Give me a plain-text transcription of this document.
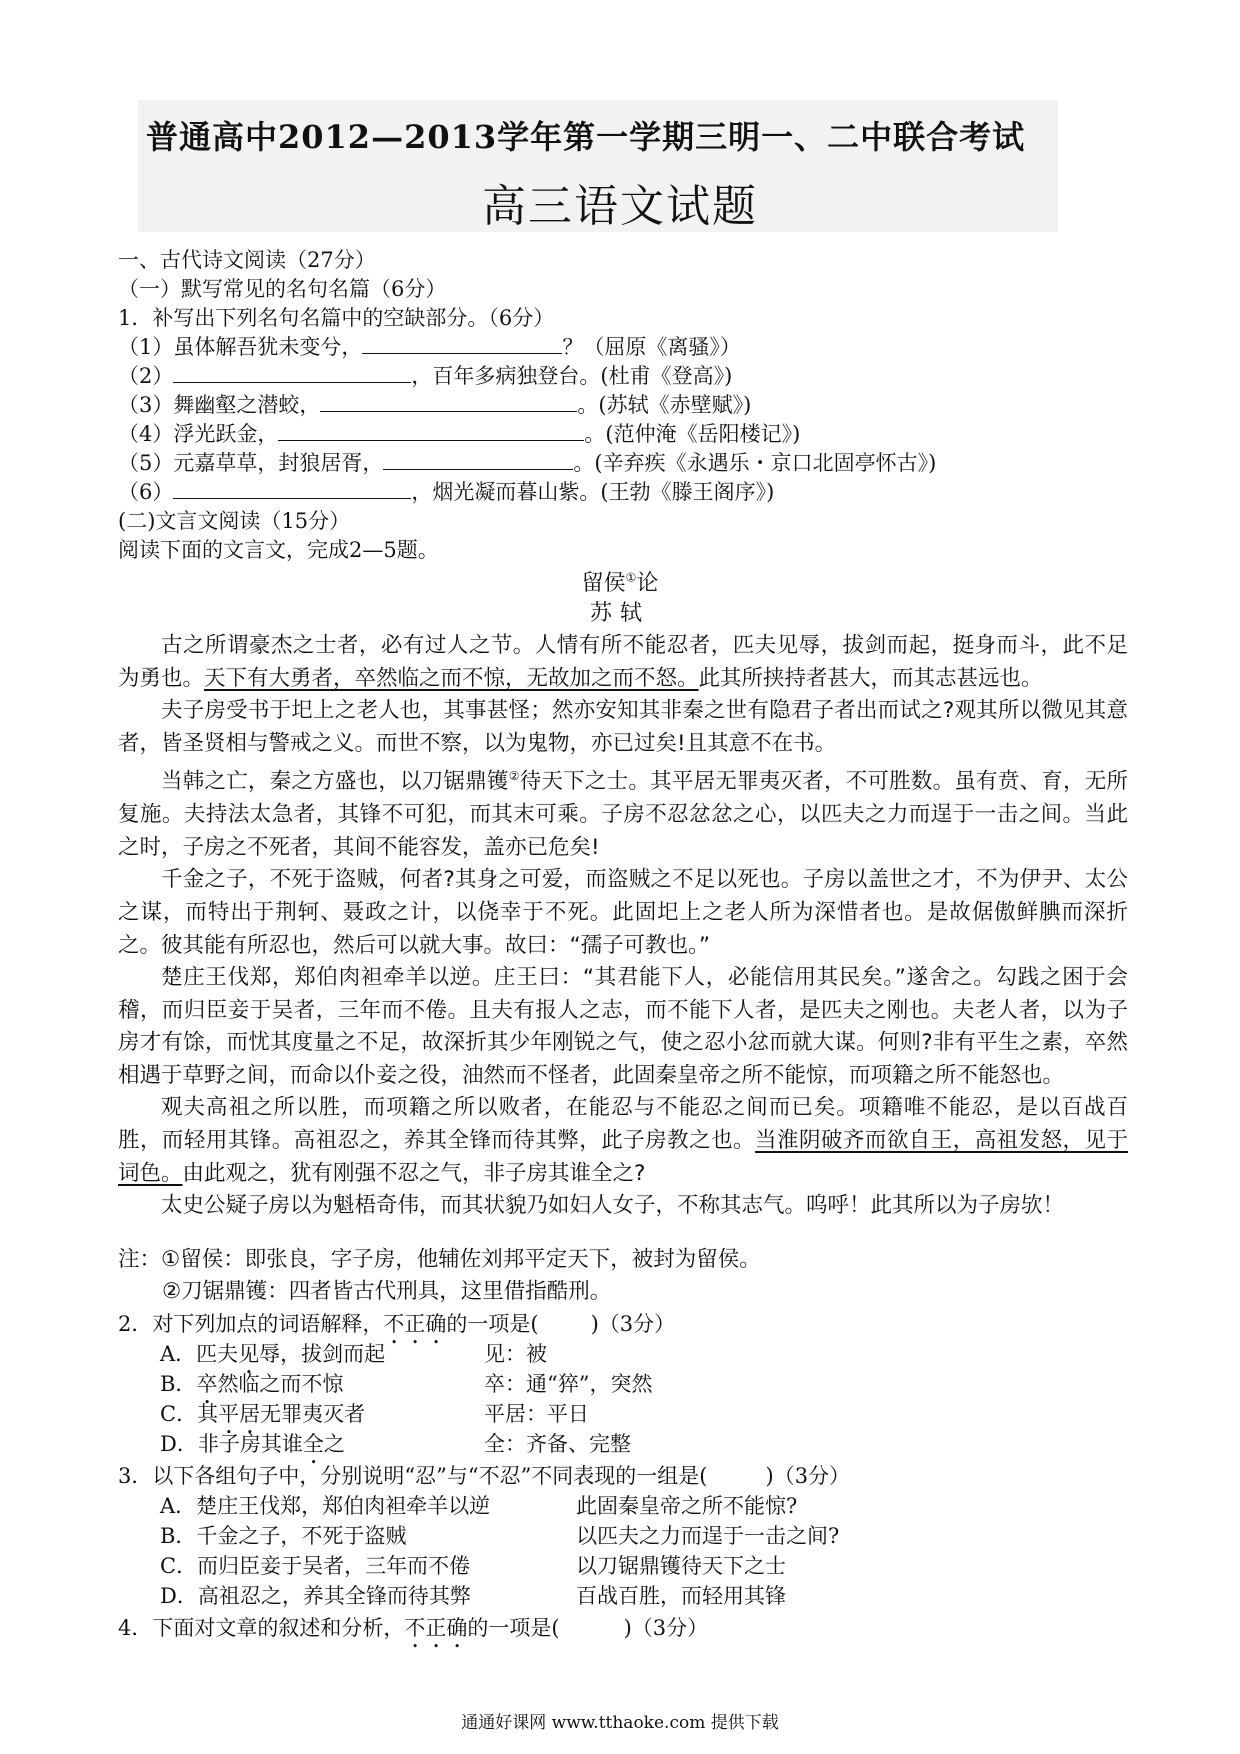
普通高中2012—2013学年第一学期三明一、二中联合考试
高三语文试题
一、古代诗文阅读（27分）
（一）默写常见的名句名篇（6分）
1．补写出下列名句名篇中的空缺部分。（6分）
（1）虽体解吾犹未变兮，	？（屈原《离骚》）
（2）	，百年多病独登台。(杜甫《登高》)
（3）舞幽壑之潜蛟，	。(苏轼《赤壁赋》)
（4）浮光跃金，	。(范仲淹《岳阳楼记》)
（5）元嘉草草，封狼居胥，	。(辛弃疾《永遇乐・京口北固亭怀古》)
（6）	，烟光凝而暮山紫。(王勃《滕王阁序》)
(二)文言文阅读（15分）
阅读下面的文言文，完成2—5题。
留侯①论
苏轼

古之所谓豪杰之士者，必有过人之节。人情有所不能忍者，匹夫见辱，拔剑而起，挺身而斗，此不足为勇也。天下有大勇者，卒然临之而不惊，无故加之而不怒。此其所挟持者甚大，而其志甚远也。

夫子房受书于圯上之老人也，其事甚怪；然亦安知其非秦之世有隐君子者出而试之?观其所以微见其意者，皆圣贤相与警戒之义。而世不察，以为鬼物，亦已过矣!且其意不在书。

当韩之亡，秦之方盛也，以刀锯鼎镬②待天下之士。其平居无罪夷灭者，不可胜数。虽有贲、育，无所复施。夫持法太急者，其锋不可犯，而其末可乘。子房不忍忿忿之心，以匹夫之力而逞于一击之间。当此之时，子房之不死者，其间不能容发，盖亦已危矣!

千金之子，不死于盗贼，何者?其身之可爱，而盗贼之不足以死也。子房以盖世之才，不为伊尹、太公之谋，而特出于荆轲、聂政之计，以侥幸于不死。此固圯上之老人所为深惜者也。是故倨傲鲜腆而深折之。彼其能有所忍也，然后可以就大事。故曰：“孺子可教也。”

楚庄王伐郑，郑伯肉袒牵羊以逆。庄王曰：“其君能下人，必能信用其民矣。”遂舍之。勾践之困于会稽，而归臣妾于吴者，三年而不倦。且夫有报人之志，而不能下人者，是匹夫之刚也。夫老人者，以为子房才有馀，而忧其度量之不足，故深折其少年刚锐之气，使之忍小忿而就大谋。何则?非有平生之素，卒然相遇于草野之间，而命以仆妾之役，油然而不怪者，此固秦皇帝之所不能惊，而项籍之所不能怒也。

观夫高祖之所以胜，而项籍之所以败者，在能忍与不能忍之间而已矣。项籍唯不能忍，是以百战百胜，而轻用其锋。高祖忍之，养其全锋而待其弊，此子房教之也。当淮阴破齐而欲自王，高祖发怒，见于词色。由此观之，犹有刚强不忍之气，非子房其谁全之?

太史公疑子房以为魁梧奇伟，而其状貌乃如妇人女子，不称其志气。呜呼！此其所以为子房欤！

注：①留侯：即张良，字子房，他辅佐刘邦平定天下，被封为留侯。
②刀锯鼎镬：四者皆古代刑具，这里借指酷刑。
2．对下列加点的词语解释，不正确的一项是( )（3分）
A．匹夫见辱，拔剑而起	见：被
B．卒然临之而不惊	卒：通“猝”，突然
C．其平居无罪夷灭者	平居：平日
D．非子房其谁全之	全：齐备、完整
3．以下各组句子中，分别说明“忍”与“不忍”不同表现的一组是(	)（3分）
A．楚庄王伐郑，郑伯肉袒牵羊以逆	此固秦皇帝之所不能惊?
B．千金之子，不死于盗贼	以匹夫之力而逞于一击之间?
C．而归臣妾于吴者，三年而不倦	以刀锯鼎镬待天下之士
D．高祖忍之，养其全锋而待其弊	百战百胜，而轻用其锋
4．下面对文章的叙述和分析，不正确的一项是(	)（3分）
通通好课网 www.tthaoke.com 提供下载
